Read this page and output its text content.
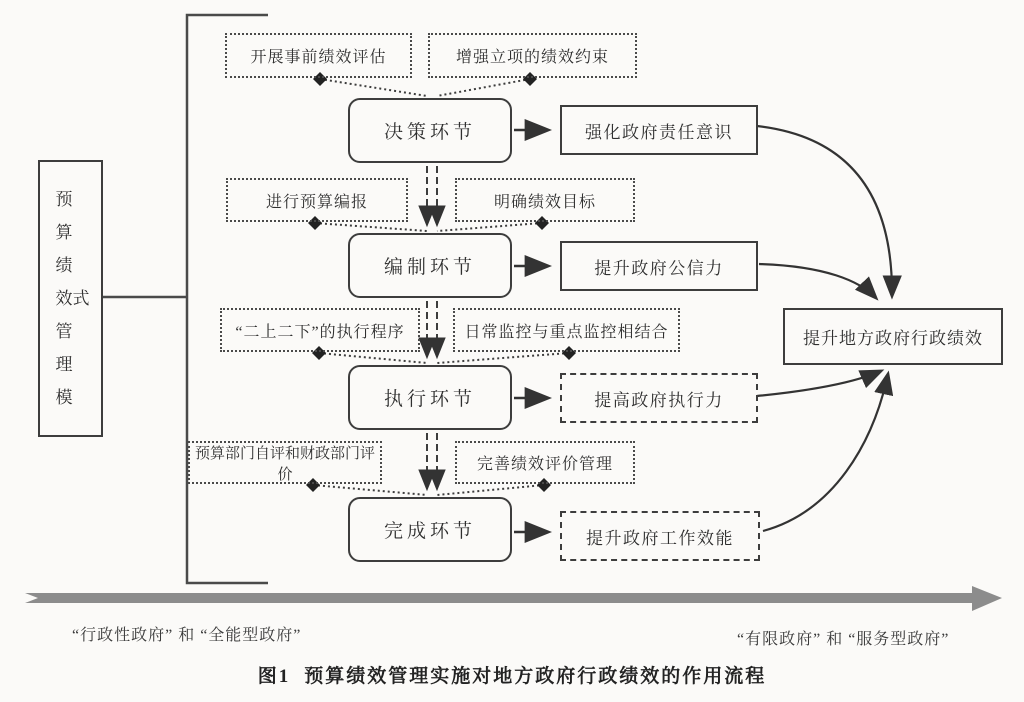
预算绩效管理模式
开展事前绩效评估	增强立项的绩效约束
决策环节	强化政府责任意识
进行预算编报	明确绩效目标
编制环节	提升政府公信力
“二上二下”的执行程序	日常监控与重点监控相结合
执行环节	提高政府执行力
预算部门自评和财政部门评价
完善绩效评价管理
完成环节	提升政府工作效能
提升地方政府行政绩效
“行政性政府” 和 “全能型政府”	“有限政府” 和 “服务型政府”
图1 预算绩效管理实施对地方政府行政绩效的作用流程
